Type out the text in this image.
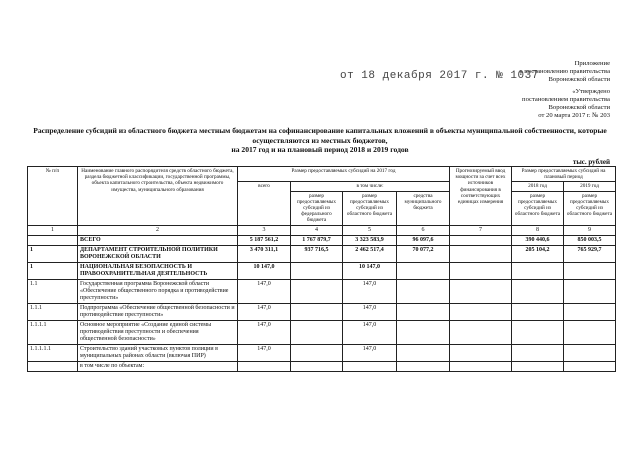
Приложение
к постановлению правительства
Воронежской области
от 18 декабря 2017 г. № 1037
«Утверждено
постановлением правительства
Воронежской области
от 20 марта 2017 г. № 203
Распределение субсидий из областного бюджета местным бюджетам на софинансирование капитальных вложений в объекты муниципальной собственности, которые
осуществляются из местных бюджетов,
на 2017 год и на плановый период 2018 и 2019 годов
тыс. рублей
№ п/п	Наименование главного распорядителя средств областного бюджета, раздела бюджетной классификации, государственной программы, объекта капитального строительства, объекта недвижимого имущества, муниципального образования	Размер предоставляемых субсидий на 2017 год				Прогнозируемый ввод мощности за счет всех источников финансирования в соответствующих единицах измерения	Размер предоставляемых субсидий на плановый период	
		всего	в том числе:				2018 год	2019 год
			размер предоставляемых субсидий из федерального бюджета	размер предоставляемых субсидий из областного бюджета	средства муниципального бюджета		размер предоставляемых субсидий из областного бюджета	размер предоставляемых субсидий из областного бюджета
1	2	3	4	5	6	7	8	9
	ВСЕГО	5 187 561,2	1 767 879,7	3 323 583,9	96 097,6		390 440,6	850 003,5
1	ДЕПАРТАМЕНТ СТРОИТЕЛЬНОЙ ПОЛИТИКИ ВОРОНЕЖСКОЙ ОБЛАСТИ	3 470 311,1	937 716,5	2 462 517,4	70 077,2		205 104,2	765 929,7
1	НАЦИОНАЛЬНАЯ БЕЗОПАСНОСТЬ И ПРАВООХРАНИТЕЛЬНАЯ ДЕЯТЕЛЬНОСТЬ	10 147,0		10 147,0				
1.1	Государственная программа Воронежской области «Обеспечение общественного порядка и противодействие преступности»	147,0		147,0				
1.1.1	Подпрограмма «Обеспечение общественной безопасности и противодействие преступности»	147,0		147,0				
1.1.1.1	Основное мероприятие «Создание единой системы противодействия преступности и обеспечения общественной безопасности»	147,0		147,0				
1.1.1.1.1	Строительство зданий участковых пунктов полиции в муниципальных районах области (включая ПИР)	147,0		147,0				
	в том числе по объектам:							
